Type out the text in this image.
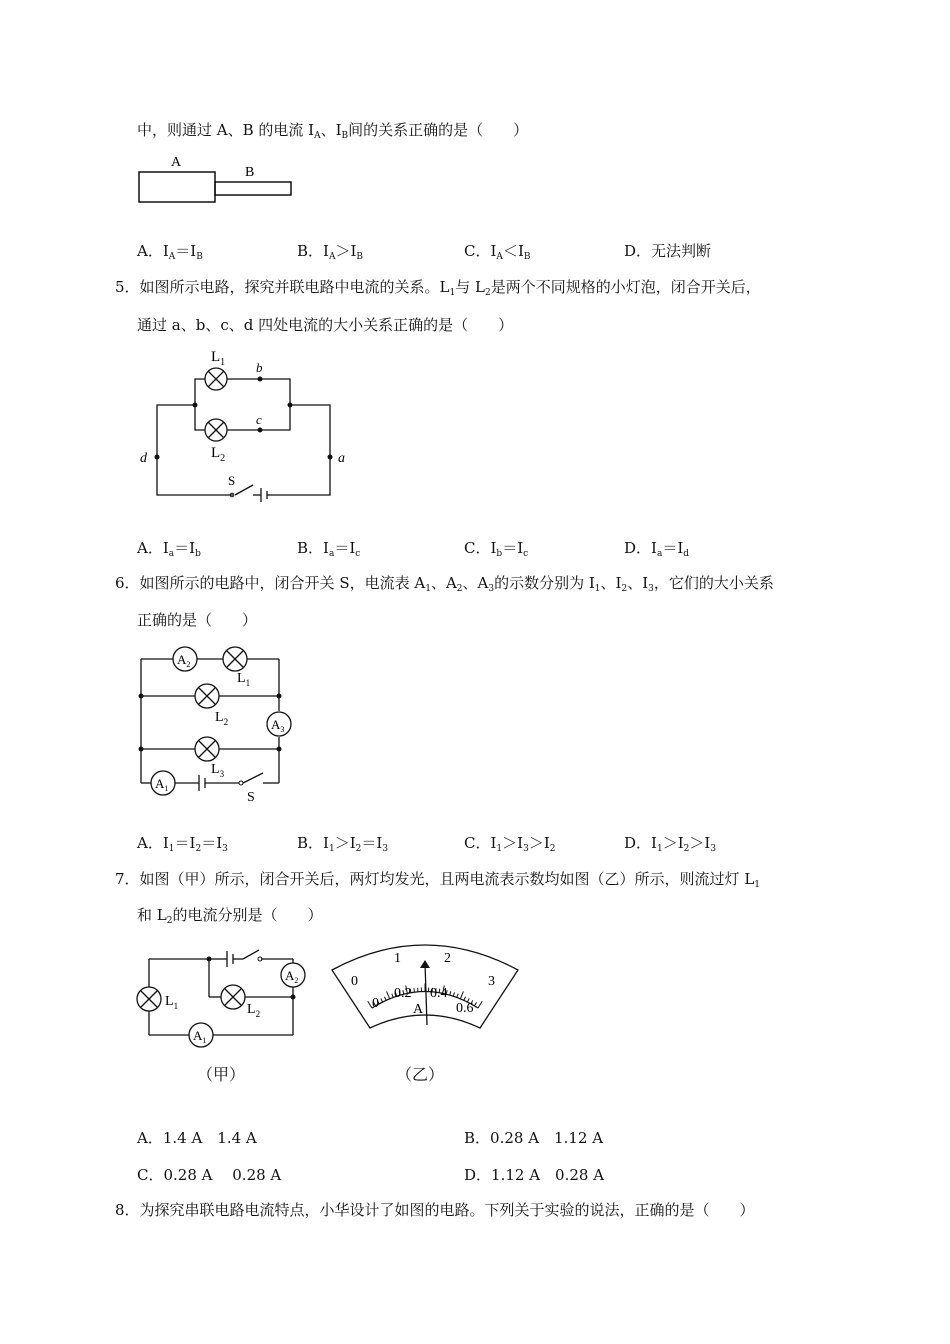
中，则通过 A、B 的电流 $I_A$、$I_B$间的关系正确的是（　　）
A
B
A．$I_A=I_B$	B．$I_A>I_B$	C．$I_A<I_B$	D．无法判断
5．如图所示电路，探究并联电路中电流的关系。$L_1$与 $L_2$是两个不同规格的小灯泡，闭合开关后，
通过 a、b、c、d 四处电流的大小关系正确的是（　　）
$L_1$
$L_2$
b
c
d	a
S
A．$I_a=I_b$	B．$I_a=I_c$	C．$I_b=I_c$	D．$I_a=I_d$
6．如图所示的电路中，闭合开关 S，电流表 $A_1$、$A_2$、$A_3$的示数分别为 $I_1$、$I_2$、$I_3$，它们的大小关系
正确的是（　　）
$A_2$
$A_1$
$A_3$
$L_1$
$L_2$
$L_3$
S
A．$I_1=I_2=I_3$	B．$I_1>I_2=I_3$	C．$I_1>I_3>I_2$	D．$I_1>I_2>I_3$
7．如图（甲）所示，闭合开关后，两灯均发光，且两电流表示数均如图（乙）所示，则流过灯 $L_1$
和 $L_2$的电流分别是（　　）
$L_1$	$L_2$
$A_1$
$A_2$
（甲）
0
1	2
3
0
0.2 0.4
0.6
A
（乙）
A．1.4 A　1.4 A	B．0.28 A　1.12 A
C．0.28 A　 0.28 A	D．1.12 A　0.28 A
8．为探究串联电路电流特点，小华设计了如图的电路。下列关于实验的说法，正确的是（　　）
